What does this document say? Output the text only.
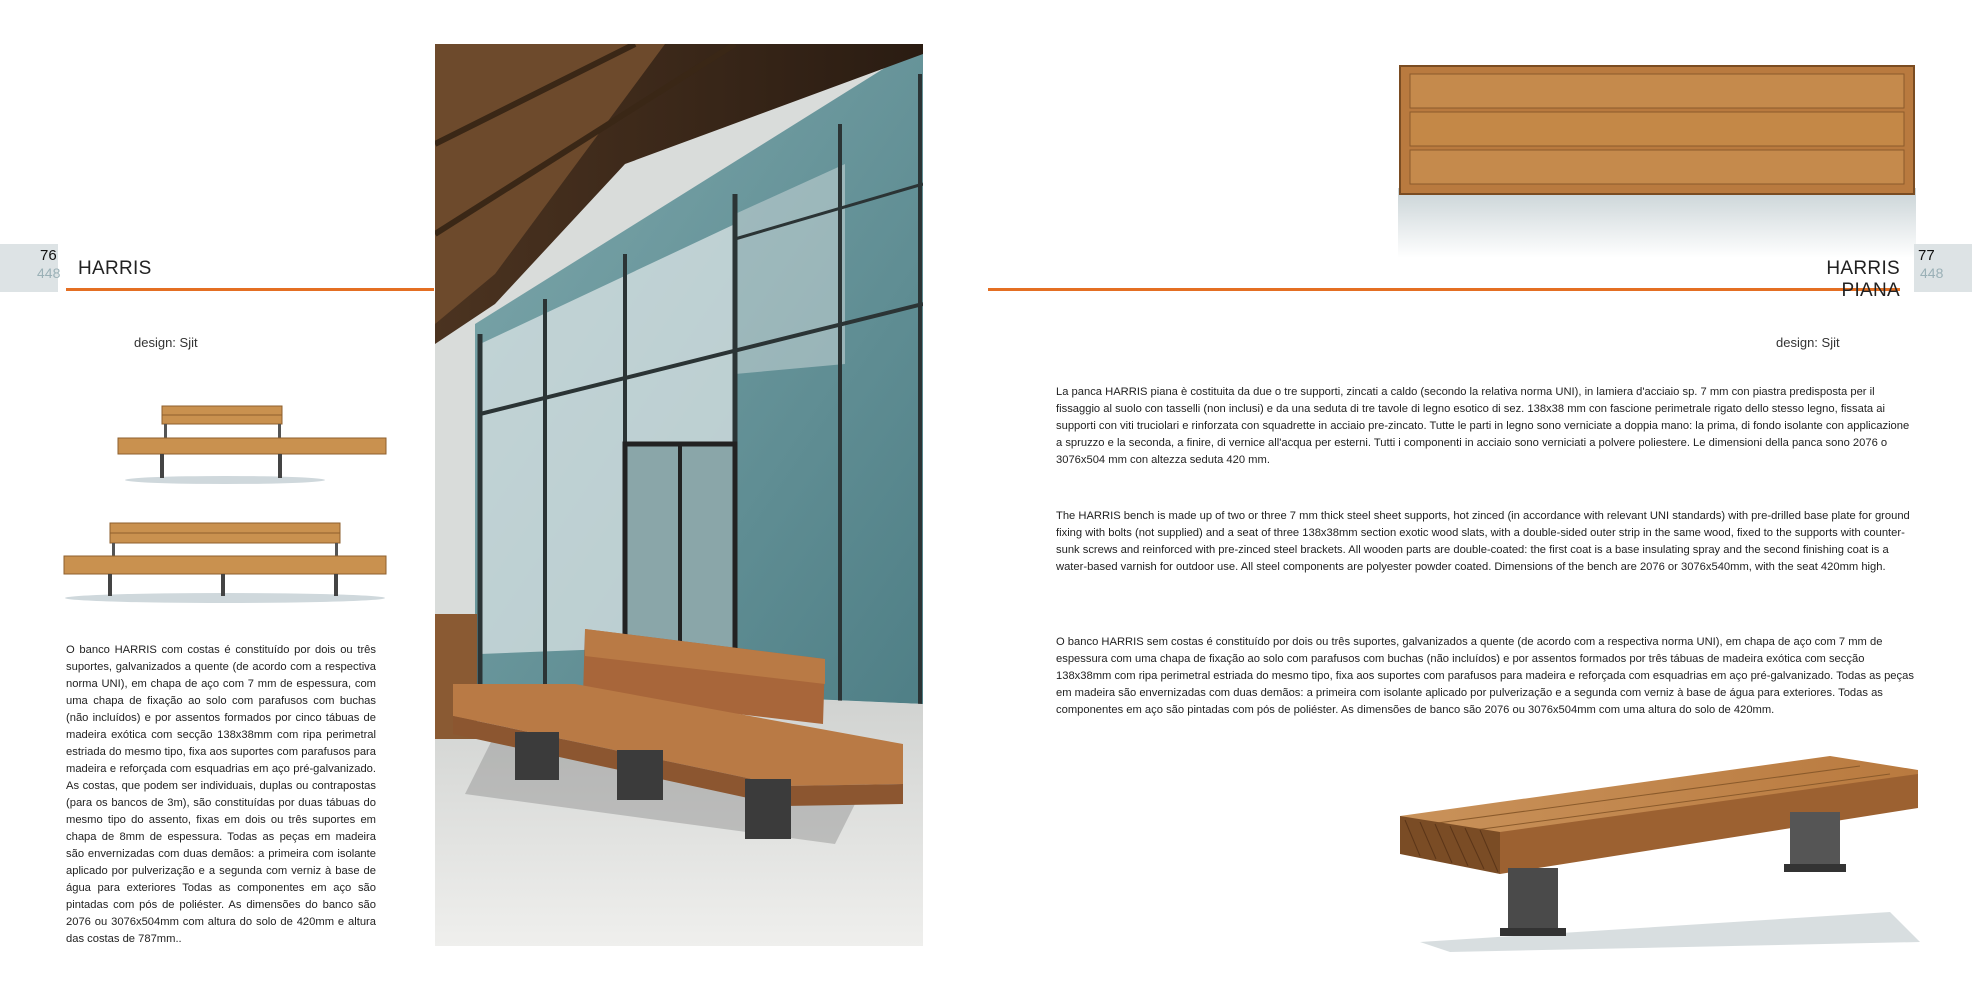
76
448 HARRIS
design: Sjit
O banco HARRIS com costas é constituído por dois ou três suportes, galvanizados a quente (de acordo com a respectiva norma UNI), em chapa de aço com 7 mm de espessura, com uma chapa de fixação ao solo com parafusos com buchas (não incluídos) e por assentos formados por cinco tábuas de madeira exótica com secção 138x38mm com ripa perimetral estriada do mesmo tipo, fixa aos suportes com parafusos para madeira e reforçada com esquadrias em aço pré-galvanizado. As costas, que podem ser individuais, duplas ou contrapostas (para os bancos de 3m), são constituídas por duas tábuas do mesmo tipo do assento, fixas em dois ou três suportes em chapa de 8mm de espessura. Todas as peças em madeira são envernizadas com duas demãos: a primeira com isolante aplicado por pulverização e a segunda com verniz à base de água para exteriores Todas as componentes em aço são pintadas com pós de poliéster. As dimensões do banco são 2076 ou 3076x504mm com altura do solo de 420mm e altura das costas de 787mm..
HARRIS PIANA
77
448
design: Sjit
La panca HARRIS piana è costituita da due o tre supporti, zincati a caldo (secondo la relativa norma UNI), in lamiera d'acciaio sp. 7 mm con piastra predisposta per il fissaggio al suolo con tasselli (non inclusi) e da una seduta di tre tavole di legno esotico di sez. 138x38 mm con fascione perimetrale rigato dello stesso legno, fissata ai supporti con viti truciolari e rinforzata con squadrette in acciaio pre-zincato. Tutte le parti in legno sono verniciate a doppia mano: la prima, di fondo isolante con applicazione a spruzzo e la seconda, a finire, di vernice all'acqua per esterni. Tutti i componenti in acciaio sono verniciati a polvere poliestere. Le dimensioni della panca sono 2076 o 3076x504 mm con altezza seduta 420 mm.
The HARRIS bench is made up of two or three 7 mm thick steel sheet supports, hot zinced (in accordance with relevant UNI standards) with pre-drilled base plate for ground fixing with bolts (not supplied) and a seat of three 138x38mm section exotic wood slats, with a double-sided outer strip in the same wood, fixed to the supports with counter-sunk screws and reinforced with pre-zinced steel brackets. All wooden parts are double-coated: the first coat is a base insulating spray and the second finishing coat is a water-based varnish for outdoor use. All steel components are polyester powder coated. Dimensions of the bench are 2076 or 3076x540mm, with the seat 420mm high.
O banco HARRIS sem costas é constituído por dois ou três suportes, galvanizados a quente (de acordo com a respectiva norma UNI), em chapa de aço com 7 mm de espessura com uma chapa de fixação ao solo com parafusos com buchas (não incluídos) e por assentos formados por três tábuas de madeira exótica com secção 138x38mm com ripa perimetral estriada do mesmo tipo, fixa aos suportes com parafusos para madeira e reforçada com esquadrias em aço pré-galvanizado. Todas as peças em madeira são envernizadas com duas demãos: a primeira com isolante aplicado por pulverização e a segunda com verniz à base de água para exteriores. Todas as componentes em aço são pintadas com pós de poliéster. As dimensões de banco são 2076 ou 3076x504mm com uma altura do solo de 420mm.
